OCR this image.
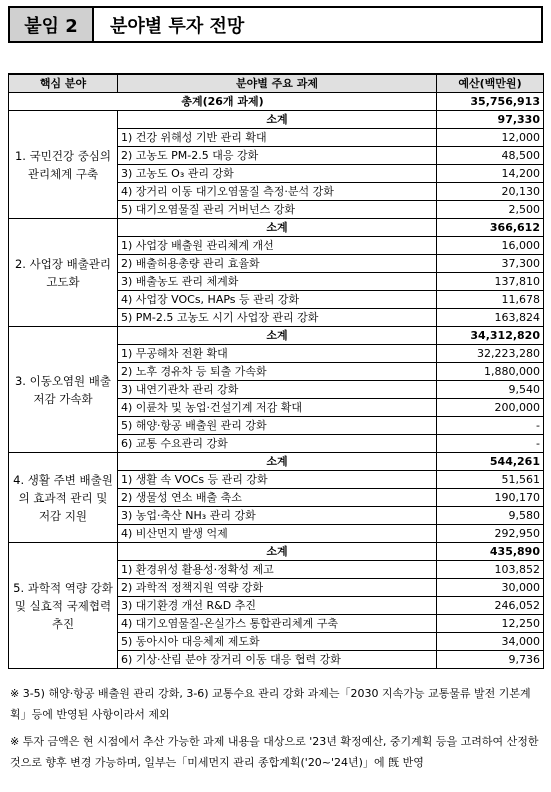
붙임 2	분야별 투자 전망
핵심 분야	분야별 주요 과제	예산(백만원)
총계(26개 과제)		35,756,913
1. 국민건강 중심의 관리체계 구축	소계	97,330
	1) 건강 위해성 기반 관리 확대	12,000
	2) 고농도 PM-2.5 대응 강화	48,500
	3) 고농도 O₃ 관리 강화	14,200
	4) 장거리 이동 대기오염물질 측정·분석 강화	20,130
	5) 대기오염물질 관리 거버넌스 강화	2,500
2. 사업장 배출관리 고도화	소계	366,612
	1) 사업장 배출원 관리체계 개선	16,000
	2) 배출허용총량 관리 효율화	37,300
	3) 배출농도 관리 체계화	137,810
	4) 사업장 VOCs, HAPs 등 관리 강화	11,678
	5) PM-2.5 고농도 시기 사업장 관리 강화	163,824
3. 이동오염원 배출 저감 가속화	소계	34,312,820
	1) 무공해차 전환 확대	32,223,280
	2) 노후 경유차 등 퇴출 가속화	1,880,000
	3) 내연기관차 관리 강화	9,540
	4) 이륜차 및 농업·건설기계 저감 확대	200,000
	5) 해양·항공 배출원 관리 강화	-
	6) 교통 수요관리 강화	-
4. 생활 주변 배출원의 효과적 관리 및 저감 지원	소계	544,261
	1) 생활 속 VOCs 등 관리 강화	51,561
	2) 생물성 연소 배출 축소	190,170
	3) 농업·축산 NH₃ 관리 강화	9,580
	4) 비산먼지 발생 억제	292,950
5. 과학적 역량 강화 및 실효적 국제협력 추진	소계	435,890
	1) 환경위성 활용성·정확성 제고	103,852
	2) 과학적 정책지원 역량 강화	30,000
	3) 대기환경 개선 R&D 추진	246,052
	4) 대기오염물질-온실가스 통합관리체계 구축	12,250
	5) 동아시아 대응체제 제도화	34,000
	6) 기상·산림 분야 장거리 이동 대응 협력 강화	9,736
※ 3-5) 해양·항공 배출원 관리 강화, 3-6) 교통수요 관리 강화 과제는「2030 지속가능 교통물류 발전 기본계획」등에 반영된 사항이라서 제외
※ 투자 금액은 현 시점에서 추산 가능한 과제 내용을 대상으로 '23년 확정예산, 중기계획 등을 고려하여 산정한 것으로 향후 변경 가능하며, 일부는「미세먼지 관리 종합계획('20~'24년)」에 旣 반영
